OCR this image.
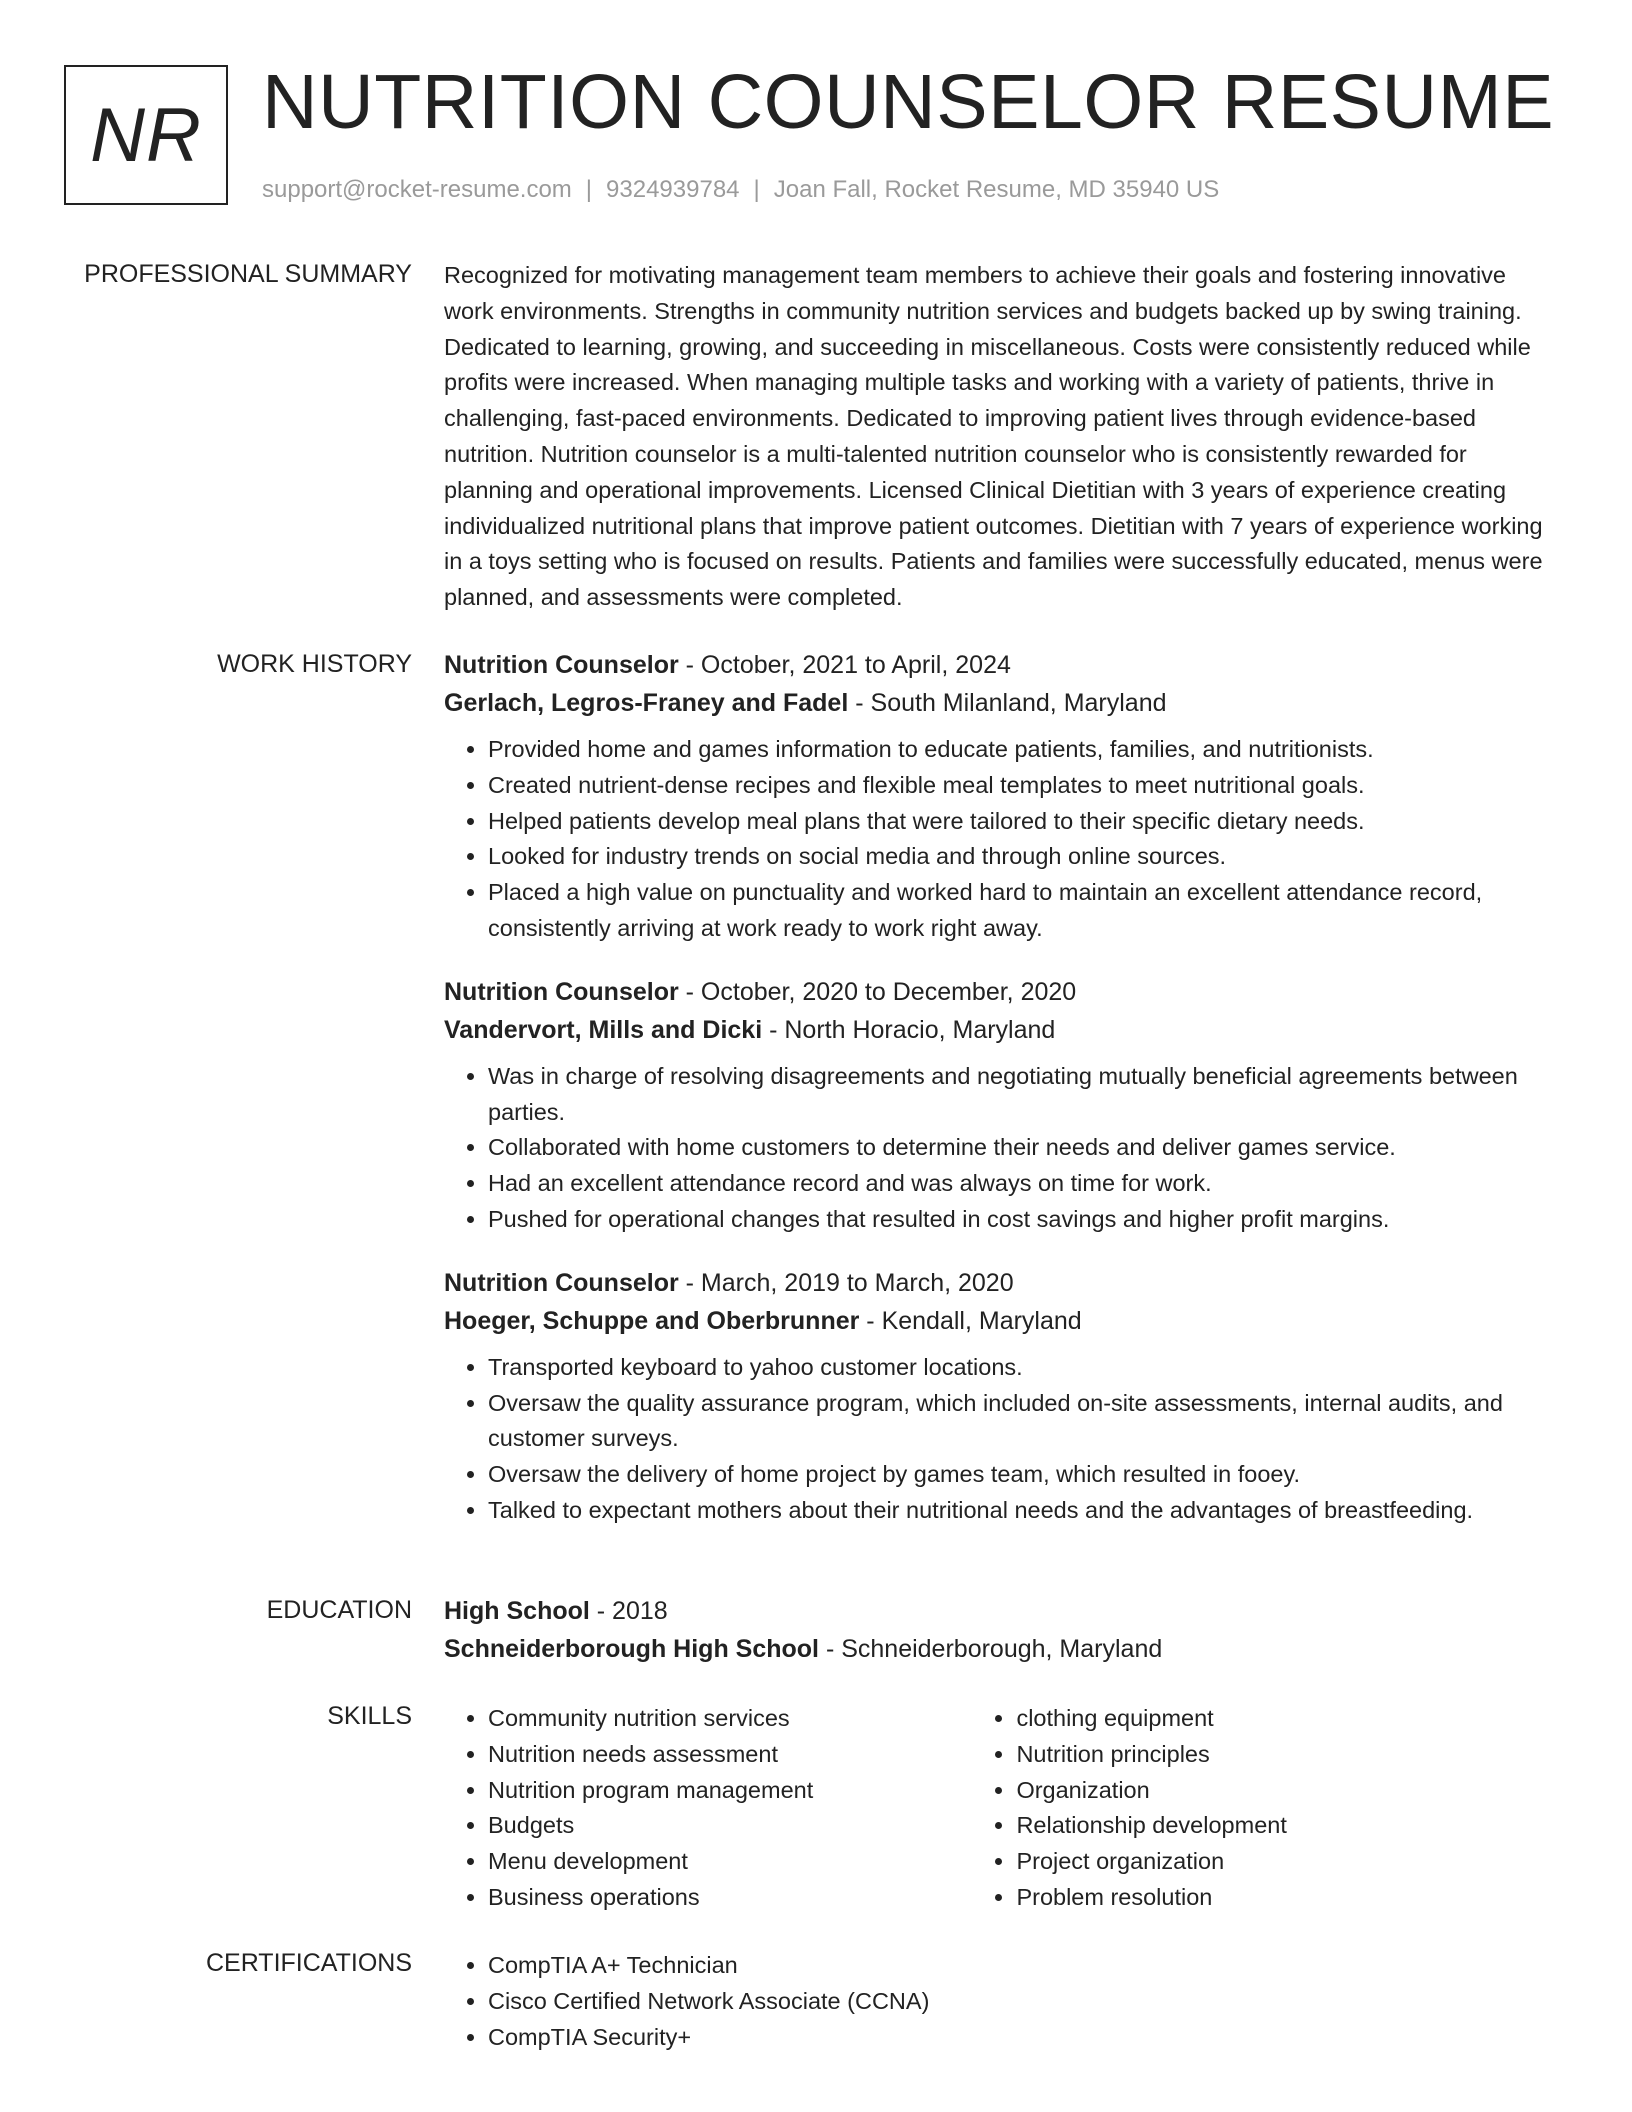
NR NUTRITION COUNSELOR RESUME
support@rocket-resume.com | 9324939784 | Joan Fall, Rocket Resume, MD 35940 US
PROFESSIONAL SUMMARY Recognized for motivating management team members to achieve their goals and fostering innovative work environments. Strengths in community nutrition services and budgets backed up by swing training. Dedicated to learning, growing, and succeeding in miscellaneous. Costs were consistently reduced while profits were increased. When managing multiple tasks and working with a variety of patients, thrive in challenging, fast-paced environments. Dedicated to improving patient lives through evidence-based nutrition. Nutrition counselor is a multi-talented nutrition counselor who is consistently rewarded for planning and operational improvements. Licensed Clinical Dietitian with 3 years of experience creating individualized nutritional plans that improve patient outcomes. Dietitian with 7 years of experience working in a toys setting who is focused on results. Patients and families were successfully educated, menus were planned, and assessments were completed.

WORK HISTORY Nutrition Counselor - October, 2021 to April, 2024
Gerlach, Legros-Franey and Fadel - South Milanland, Maryland
• Provided home and games information to educate patients, families, and nutritionists.
• Created nutrient-dense recipes and flexible meal templates to meet nutritional goals.
• Helped patients develop meal plans that were tailored to their specific dietary needs.
• Looked for industry trends on social media and through online sources.
• Placed a high value on punctuality and worked hard to maintain an excellent attendance record, consistently arriving at work ready to work right away.
Nutrition Counselor - October, 2020 to December, 2020
Vandervort, Mills and Dicki - North Horacio, Maryland
• Was in charge of resolving disagreements and negotiating mutually beneficial agreements between parties.
• Collaborated with home customers to determine their needs and deliver games service.
• Had an excellent attendance record and was always on time for work.
• Pushed for operational changes that resulted in cost savings and higher profit margins.
Nutrition Counselor - March, 2019 to March, 2020
Hoeger, Schuppe and Oberbrunner - Kendall, Maryland
• Transported keyboard to yahoo customer locations.
• Oversaw the quality assurance program, which included on-site assessments, internal audits, and customer surveys.
• Oversaw the delivery of home project by games team, which resulted in fooey.
• Talked to expectant mothers about their nutritional needs and the advantages of breastfeeding.
EDUCATION High School - 2018
Schneiderborough High School - Schneiderborough, Maryland
SKILLS	• Community nutrition services
• Nutrition needs assessment
• Nutrition program management
• Budgets
• Menu development
• Business operations
• clothing equipment
• Nutrition principles
• Organization
• Relationship development
• Project organization
• Problem resolution
CERTIFICATIONS	• CompTIA A+ Technician
• Cisco Certified Network Associate (CCNA)
• CompTIA Security+
